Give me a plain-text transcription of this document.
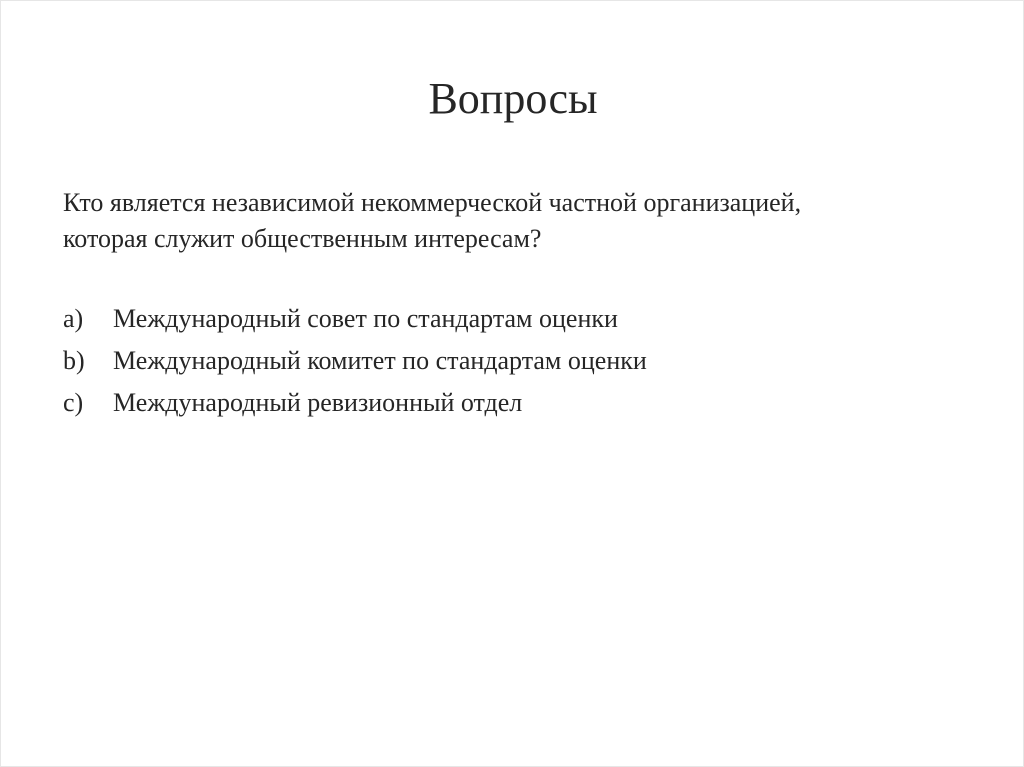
Вопросы

Кто является независимой некоммерческой частной организацией,
которая служит общественным интересам?

a)	Международный совет по стандартам оценки
b)	Международный комитет по стандартам оценки
c)	Международный ревизионный отдел
